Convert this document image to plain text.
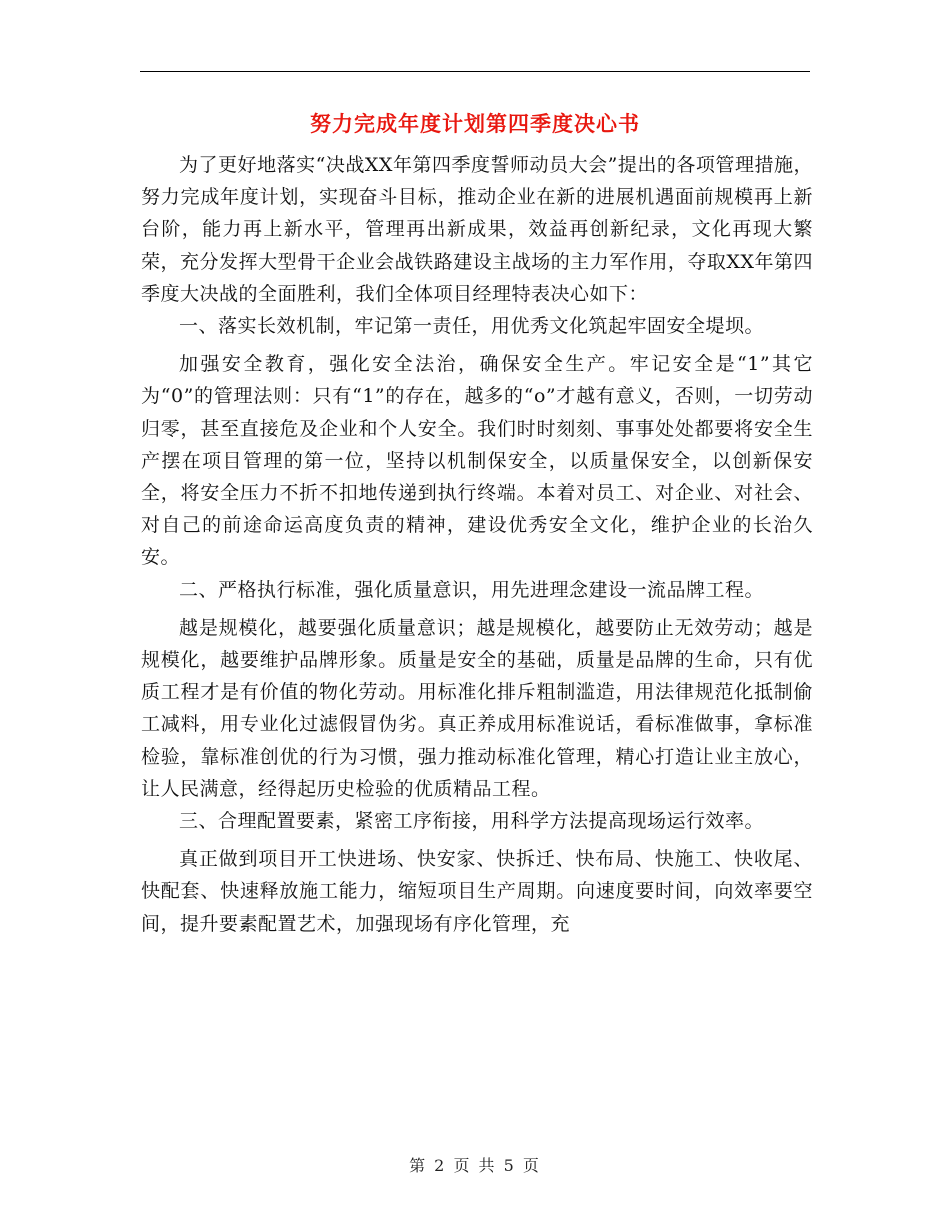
努力完成年度计划第四季度决心书

为了更好地落实“决战XX年第四季度誓师动员大会”提出的各项管理措施，努力完成年度计划，实现奋斗目标，推动企业在新的进展机遇面前规模再上新台阶，能力再上新水平，管理再出新成果，效益再创新纪录，文化再现大繁荣，充分发挥大型骨干企业会战铁路建设主战场的主力军作用，夺取XX年第四季度大决战的全面胜利，我们全体项目经理特表决心如下：

一、落实长效机制，牢记第一责任，用优秀文化筑起牢固安全堤坝。

加强安全教育，强化安全法治，确保安全生产。牢记安全是“1”其它为“0”的管理法则：只有“1”的存在，越多的“o”才越有意义，否则，一切劳动归零，甚至直接危及企业和个人安全。我们时时刻刻、事事处处都要将安全生产摆在项目管理的第一位，坚持以机制保安全，以质量保安全，以创新保安全，将安全压力不折不扣地传递到执行终端。本着对员工、对企业、对社会、对自己的前途命运高度负责的精神，建设优秀安全文化，维护企业的长治久安。

二、严格执行标准，强化质量意识，用先进理念建设一流品牌工程。

越是规模化，越要强化质量意识；越是规模化，越要防止无效劳动；越是规模化，越要维护品牌形象。质量是安全的基础，质量是品牌的生命，只有优质工程才是有价值的物化劳动。用标准化排斥粗制滥造，用法律规范化抵制偷工减料，用专业化过滤假冒伪劣。真正养成用标准说话，看标准做事，拿标准检验，靠标准创优的行为习惯，强力推动标准化管理，精心打造让业主放心，让人民满意，经得起历史检验的优质精品工程。

三、合理配置要素，紧密工序衔接，用科学方法提高现场运行效率。

真正做到项目开工快进场、快安家、快拆迁、快布局、快施工、快收尾、快配套、快速释放施工能力，缩短项目生产周期。向速度要时间，向效率要空间，提升要素配置艺术，加强现场有序化管理，充

第 2 页 共 5 页
